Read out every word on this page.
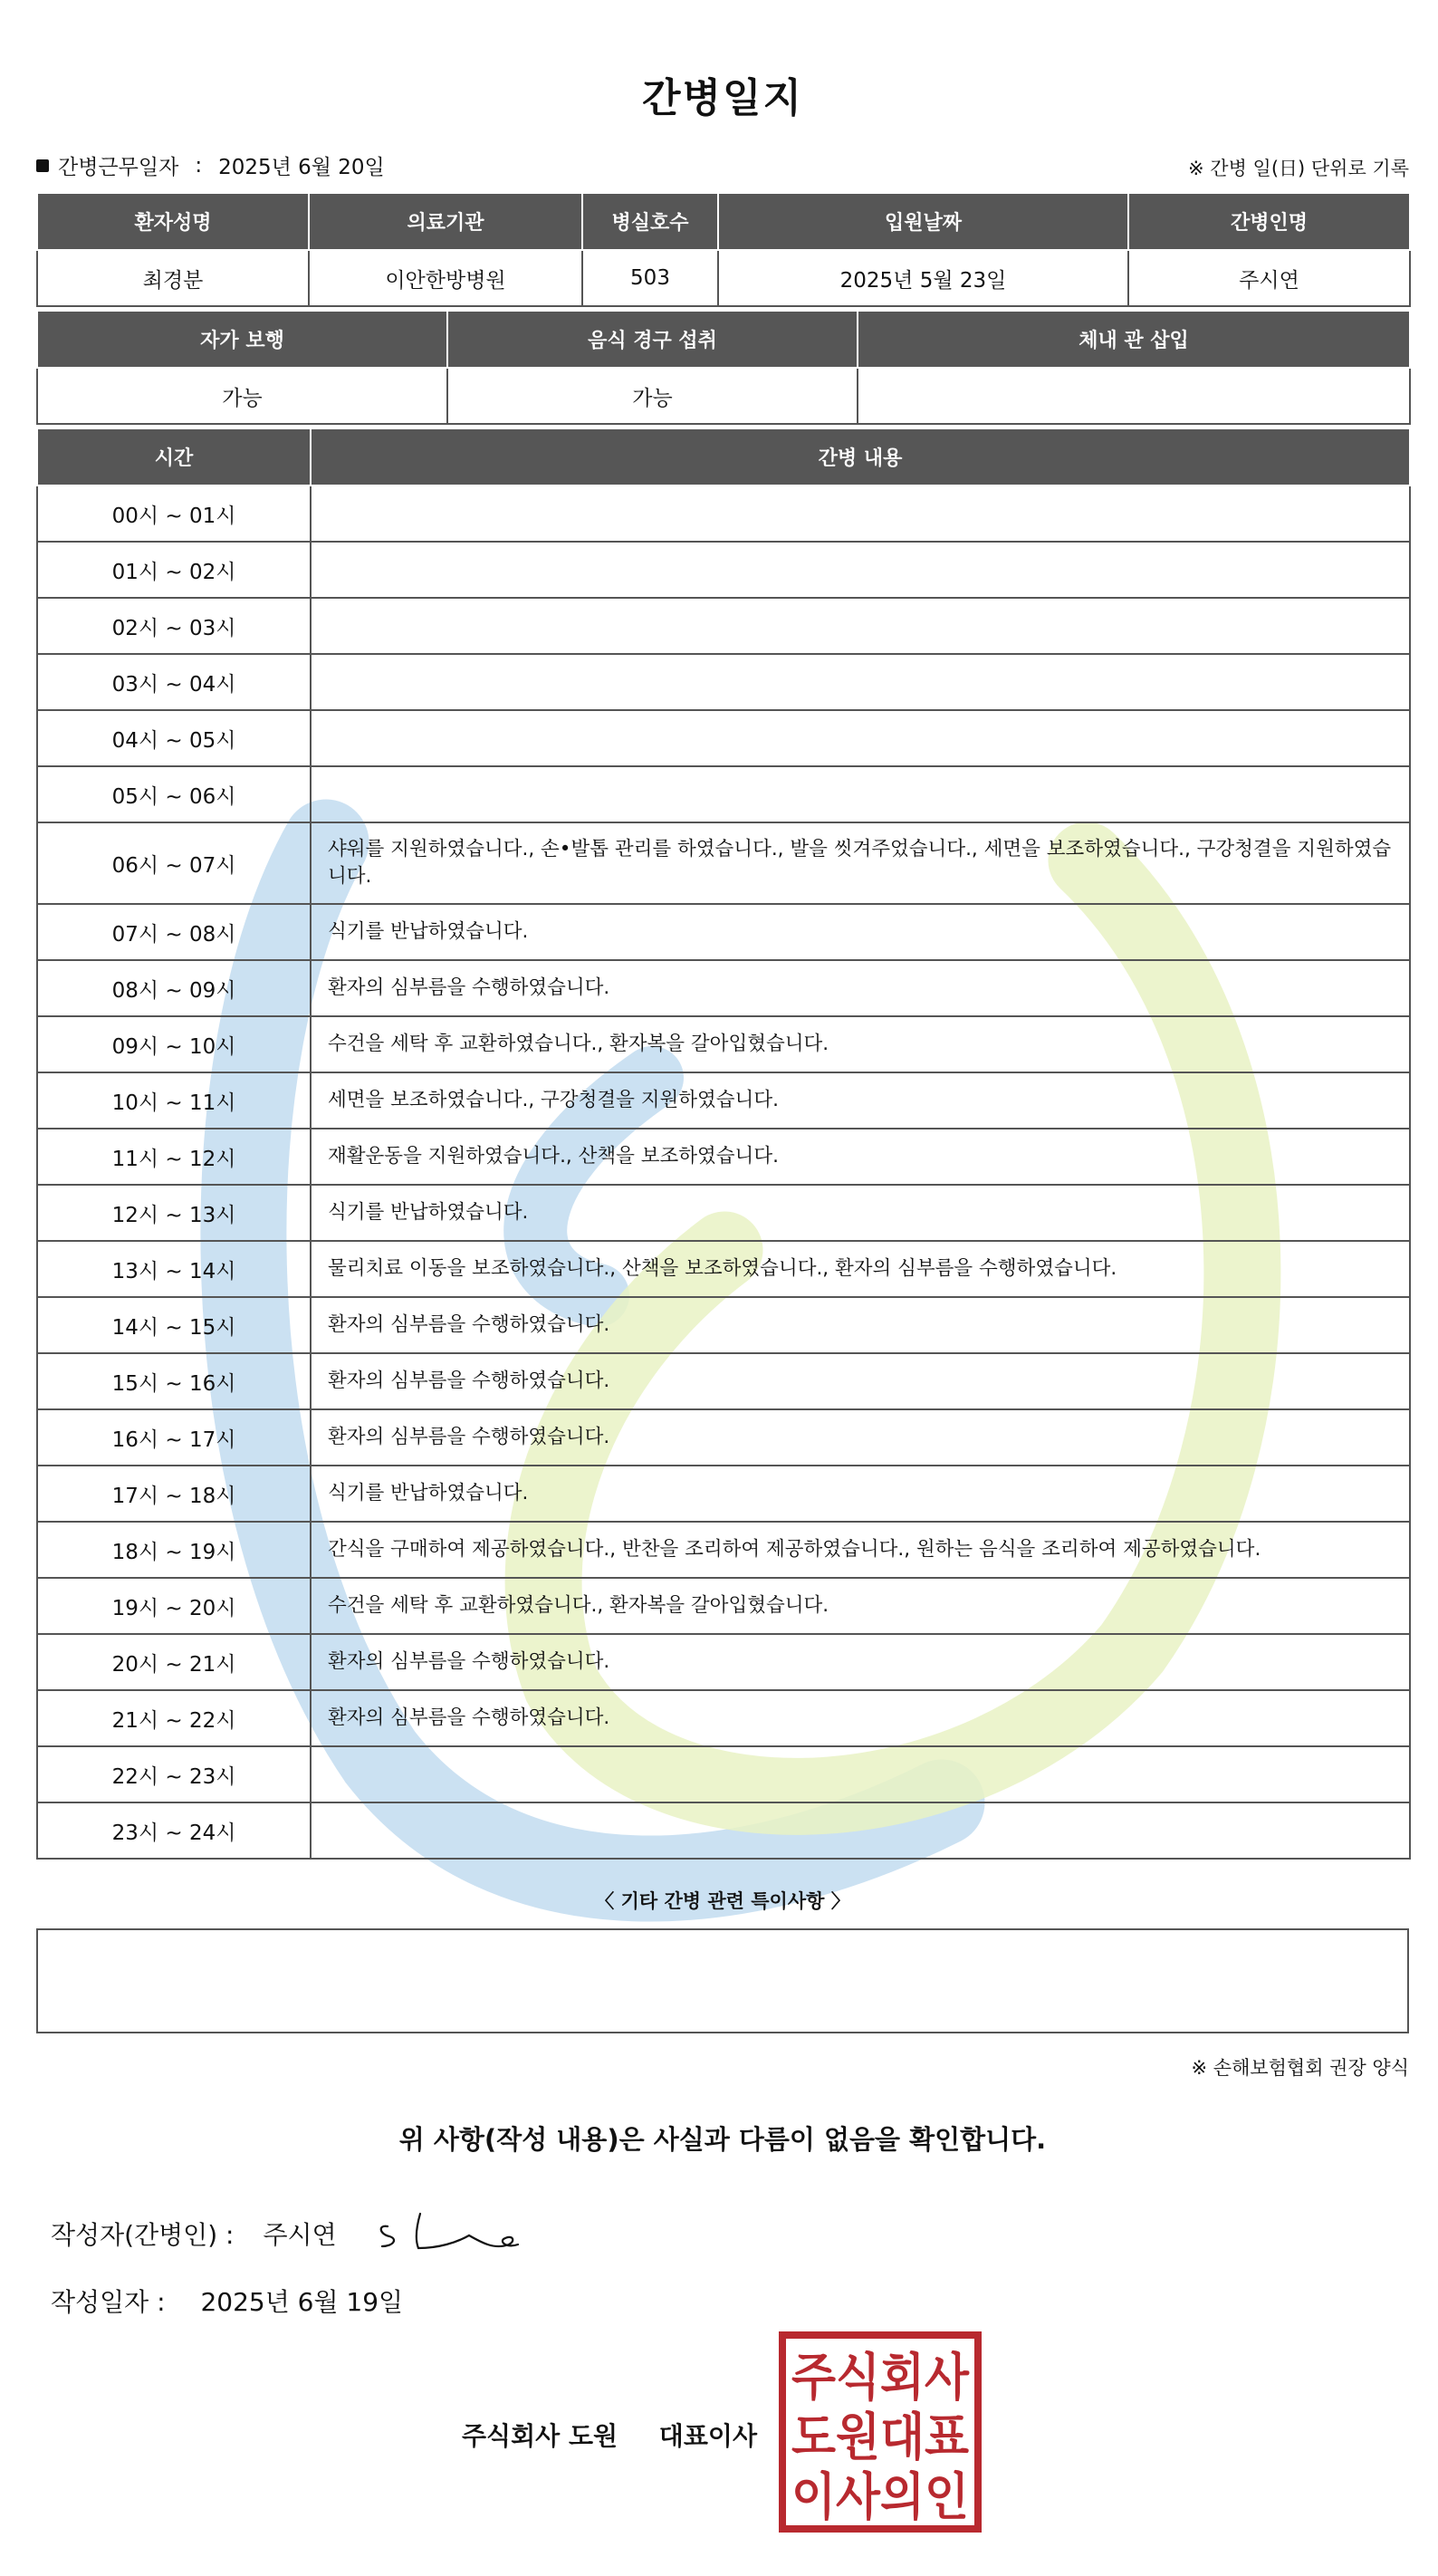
간병일지
간병근무일자 : 2025년 6월 20일	※ 간병 일(日) 단위로 기록
환자성명	의료기관	병실호수	입원날짜	간병인명
최경분	이안한방병원	503	2025년 5월 23일	주시연
자가 보행	음식 경구 섭취	체내 관 삽입
가능	가능	
시간	간병 내용
00시 ~ 01시	
01시 ~ 02시	
02시 ~ 03시	
03시 ~ 04시	
04시 ~ 05시	
05시 ~ 06시	
06시 ~ 07시	샤워를 지원하였습니다., 손•발톱 관리를 하였습니다., 발을 씻겨주었습니다., 세면을 보조하였습니다., 구강청결을 지원하였습니다.
07시 ~ 08시	식기를 반납하였습니다.
08시 ~ 09시	환자의 심부름을 수행하였습니다.
09시 ~ 10시	수건을 세탁 후 교환하였습니다., 환자복을 갈아입혔습니다.
10시 ~ 11시	세면을 보조하였습니다., 구강청결을 지원하였습니다.
11시 ~ 12시	재활운동을 지원하였습니다., 산책을 보조하였습니다.
12시 ~ 13시	식기를 반납하였습니다.
13시 ~ 14시	물리치료 이동을 보조하였습니다., 산책을 보조하였습니다., 환자의 심부름을 수행하였습니다.
14시 ~ 15시	환자의 심부름을 수행하였습니다.
15시 ~ 16시	환자의 심부름을 수행하였습니다.
16시 ~ 17시	환자의 심부름을 수행하였습니다.
17시 ~ 18시	식기를 반납하였습니다.
18시 ~ 19시	간식을 구매하여 제공하였습니다., 반찬을 조리하여 제공하였습니다., 원하는 음식을 조리하여 제공하였습니다.
19시 ~ 20시	수건을 세탁 후 교환하였습니다., 환자복을 갈아입혔습니다.
20시 ~ 21시	환자의 심부름을 수행하였습니다.
21시 ~ 22시	환자의 심부름을 수행하였습니다.
22시 ~ 23시	
23시 ~ 24시	
〈 기타 간병 관련 특이사항 〉
※ 손해보험협회 권장 양식
위 사항(작성 내용)은 사실과 다름이 없음을 확인합니다.
작성자(간병인) : 주시연
작성일자 : 2025년 6월 19일
주식회사 도원 대표이사
주식회사
도원대표
이사의인
